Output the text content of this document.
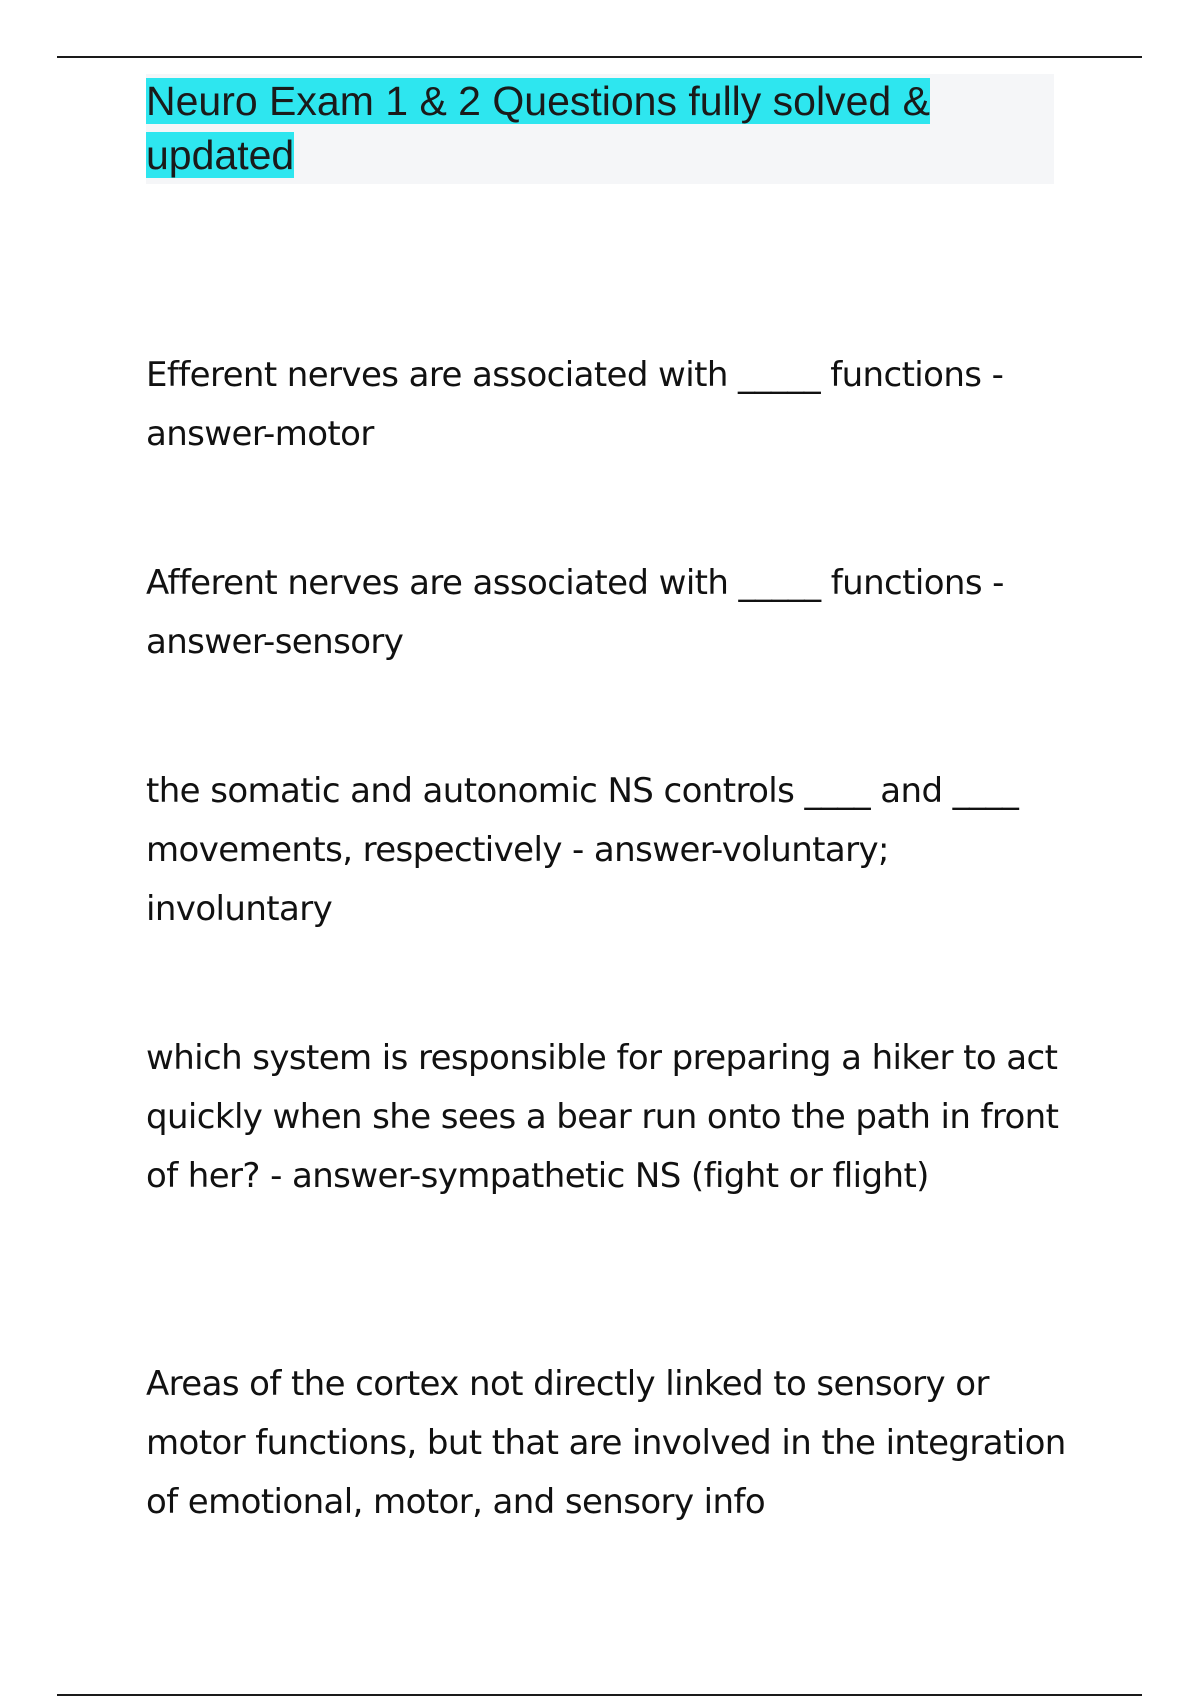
Neuro Exam 1 & 2 Questions fully solved & updated

Efferent nerves are associated with _____ functions - answer-motor

Afferent nerves are associated with _____ functions - answer-sensory

the somatic and autonomic NS controls ____ and ____ movements, respectively - answer-voluntary; involuntary

which system is responsible for preparing a hiker to act quickly when she sees a bear run onto the path in front of her? - answer-sympathetic NS (fight or flight)

Areas of the cortex not directly linked to sensory or motor functions, but that are involved in the integration of emotional, motor, and sensory info
